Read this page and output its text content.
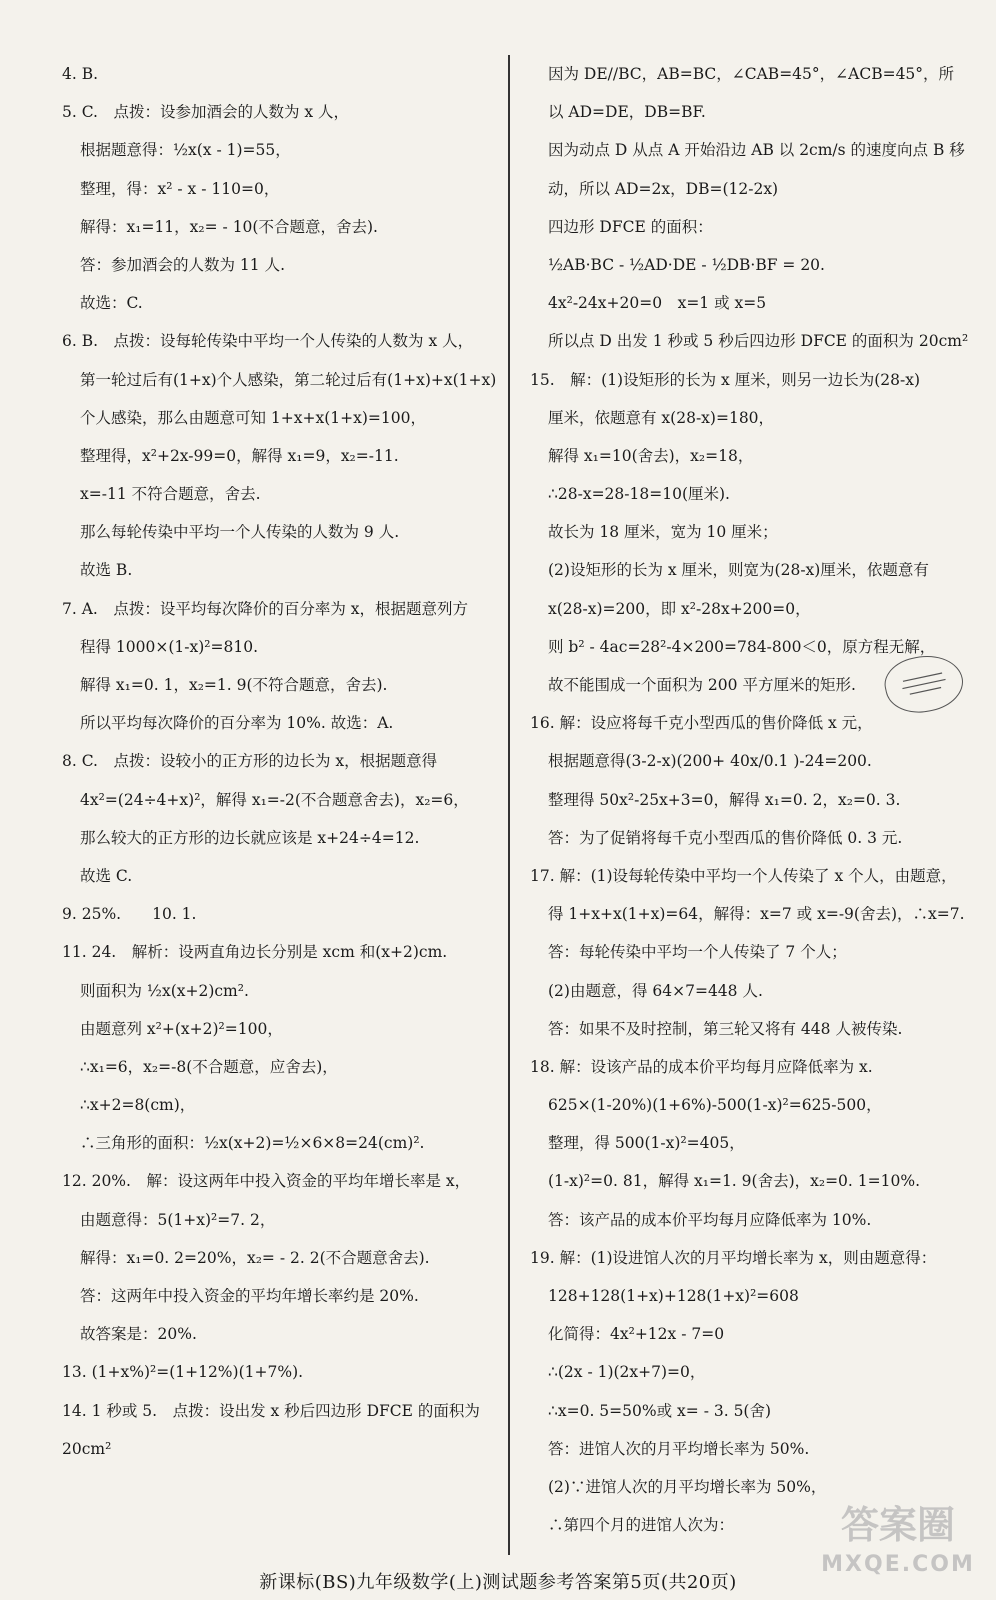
4. B.
5. C.　点拨：设参加酒会的人数为 x 人，
根据题意得：½x(x - 1)=55，
整理，得：x² - x - 110=0，
解得：x₁=11，x₂= - 10(不合题意，舍去).
答：参加酒会的人数为 11 人.
故选：C.
6. B.　点拨：设每轮传染中平均一个人传染的人数为 x 人，
第一轮过后有(1+x)个人感染，第二轮过后有(1+x)+x(1+x)
个人感染，那么由题意可知 1+x+x(1+x)=100，
整理得，x²+2x-99=0，解得 x₁=9，x₂=-11.
x=-11 不符合题意，舍去.
那么每轮传染中平均一个人传染的人数为 9 人.
故选 B.
7. A.　点拨：设平均每次降价的百分率为 x，根据题意列方
程得 1000×(1-x)²=810.
解得 x₁=0. 1，x₂=1. 9(不符合题意，舍去).
所以平均每次降价的百分率为 10%. 故选：A.
8. C.　点拨：设较小的正方形的边长为 x，根据题意得
4x²=(24÷4+x)²，解得 x₁=-2(不合题意舍去)，x₂=6，
那么较大的正方形的边长就应该是 x+24÷4=12.
故选 C.
9. 25%.　　10. 1.
11. 24.　解析：设两直角边长分别是 xcm 和(x+2)cm.
则面积为 ½x(x+2)cm².
由题意列 x²+(x+2)²=100，
∴x₁=6，x₂=-8(不合题意，应舍去)，
∴x+2=8(cm)，
∴三角形的面积：½x(x+2)=½×6×8=24(cm)².
12. 20%.　解：设这两年中投入资金的平均年增长率是 x，
由题意得：5(1+x)²=7. 2，
解得：x₁=0. 2=20%，x₂= - 2. 2(不合题意舍去).
答：这两年中投入资金的平均年增长率约是 20%.
故答案是：20%.
13. (1+x%)²=(1+12%)(1+7%).
14. 1 秒或 5.　点拨：设出发 x 秒后四边形 DFCE 的面积为
20cm²
因为 DE//BC，AB=BC，∠CAB=45°，∠ACB=45°，所
以 AD=DE，DB=BF.
因为动点 D 从点 A 开始沿边 AB 以 2cm/s 的速度向点 B 移
动，所以 AD=2x，DB=(12-2x)
四边形 DFCE 的面积：
½AB·BC - ½AD·DE - ½DB·BF = 20.
4x²-24x+20=0　x=1 或 x=5
所以点 D 出发 1 秒或 5 秒后四边形 DFCE 的面积为 20cm²
15.　解：(1)设矩形的长为 x 厘米，则另一边长为(28-x)
厘米，依题意有 x(28-x)=180，
解得 x₁=10(舍去)，x₂=18，
∴28-x=28-18=10(厘米).
故长为 18 厘米，宽为 10 厘米；
(2)设矩形的长为 x 厘米，则宽为(28-x)厘米，依题意有
x(28-x)=200，即 x²-28x+200=0，
则 b² - 4ac=28²-4×200=784-800＜0，原方程无解，
故不能围成一个面积为 200 平方厘米的矩形.
16. 解：设应将每千克小型西瓜的售价降低 x 元，
根据题意得(3-2-x)(200+ 40x/0.1 )-24=200.
整理得 50x²-25x+3=0，解得 x₁=0. 2，x₂=0. 3.
答：为了促销将每千克小型西瓜的售价降低 0. 3 元.
17. 解：(1)设每轮传染中平均一个人传染了 x 个人，由题意，
得 1+x+x(1+x)=64，解得：x=7 或 x=-9(舍去)，∴x=7.
答：每轮传染中平均一个人传染了 7 个人；
(2)由题意，得 64×7=448 人.
答：如果不及时控制，第三轮又将有 448 人被传染.
18. 解：设该产品的成本价平均每月应降低率为 x.
625×(1-20%)(1+6%)-500(1-x)²=625-500，
整理，得 500(1-x)²=405，
(1-x)²=0. 81，解得 x₁=1. 9(舍去)，x₂=0. 1=10%.
答：该产品的成本价平均每月应降低率为 10%.
19. 解：(1)设进馆人次的月平均增长率为 x，则由题意得：
128+128(1+x)+128(1+x)²=608
化简得：4x²+12x - 7=0
∴(2x - 1)(2x+7)=0，
∴x=0. 5=50%或 x= - 3. 5(舍)
答：进馆人次的月平均增长率为 50%.
(2)∵进馆人次的月平均增长率为 50%，
∴第四个月的进馆人次为：	答案圈
MXQE.COM
新课标(BS)九年级数学(上)测试题参考答案第5页(共20页)
